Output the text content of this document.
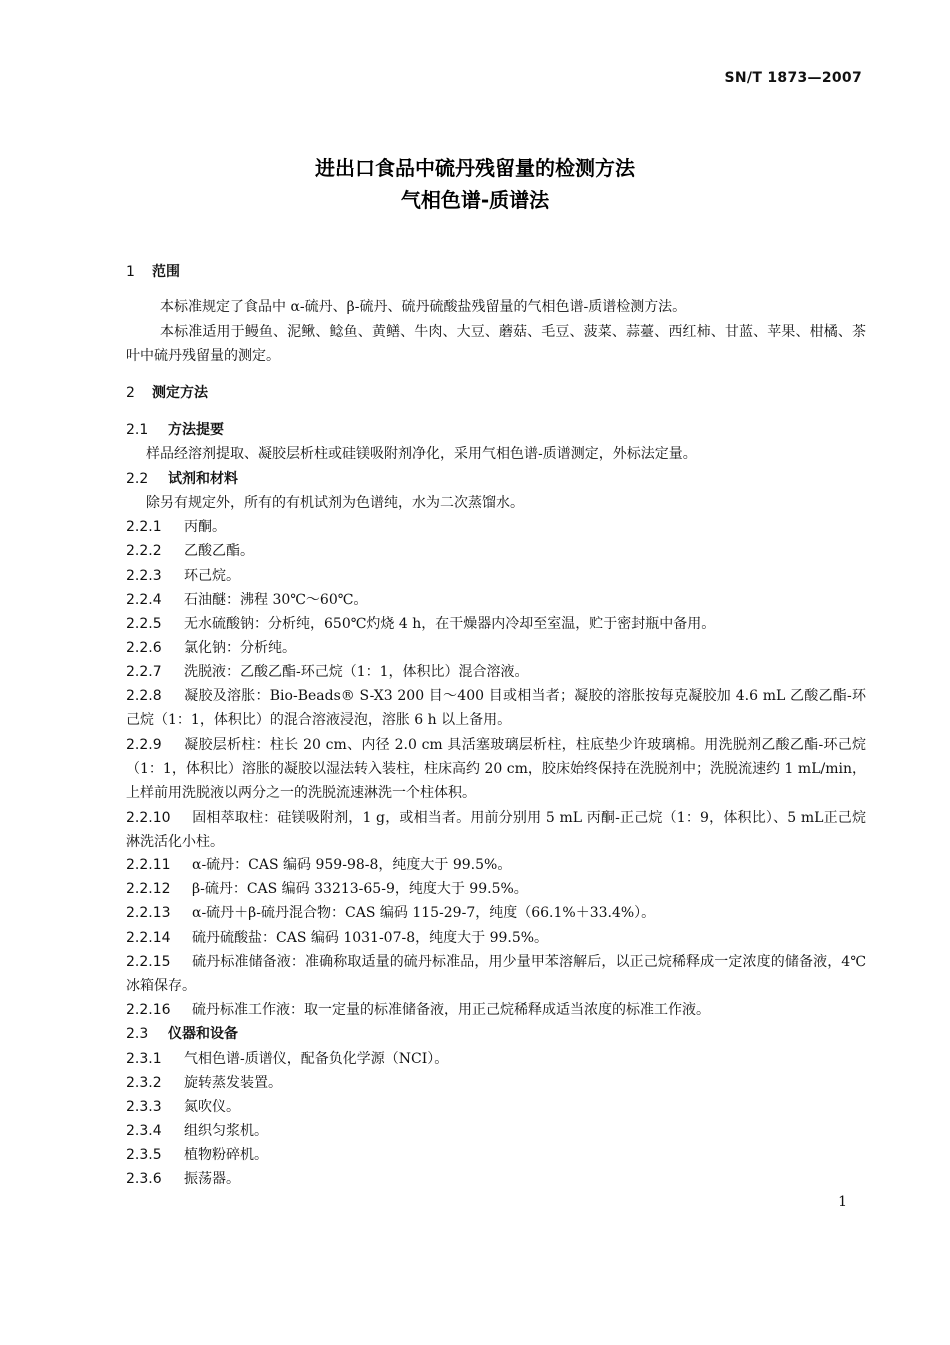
SN/T 1873—2007
进出口食品中硫丹残留量的检测方法
气相色谱-质谱法
1 范围
本标准规定了食品中 α-硫丹、β-硫丹、硫丹硫酸盐残留量的气相色谱-质谱检测方法。
本标准适用于鳗鱼、泥鳅、鲶鱼、黄鳝、牛肉、大豆、蘑菇、毛豆、菠菜、蒜薹、西红柿、甘蓝、苹果、柑橘、茶叶中硫丹残留量的测定。
2 测定方法
2.1 方法提要
样品经溶剂提取、凝胶层析柱或硅镁吸附剂净化，采用气相色谱-质谱测定，外标法定量。
2.2 试剂和材料
除另有规定外，所有的有机试剂为色谱纯，水为二次蒸馏水。
2.2.1 丙酮。
2.2.2 乙酸乙酯。
2.2.3 环己烷。
2.2.4 石油醚：沸程 30℃～60℃。
2.2.5 无水硫酸钠：分析纯，650℃灼烧 4 h，在干燥器内冷却至室温，贮于密封瓶中备用。
2.2.6 氯化钠：分析纯。
2.2.7 洗脱液：乙酸乙酯-环己烷（1：1，体积比）混合溶液。
2.2.8 凝胶及溶胀：Bio-Beads® S-X3 200 目～400 目或相当者；凝胶的溶胀按每克凝胶加 4.6 mL 乙酸乙酯-环己烷（1：1，体积比）的混合溶液浸泡，溶胀 6 h 以上备用。
2.2.9 凝胶层析柱：柱长 20 cm、内径 2.0 cm 具活塞玻璃层析柱，柱底垫少许玻璃棉。用洗脱剂乙酸乙酯-环己烷（1：1，体积比）溶胀的凝胶以湿法转入装柱，柱床高约 20 cm，胶床始终保持在洗脱剂中；洗脱流速约 1 mL/min，上样前用洗脱液以两分之一的洗脱流速淋洗一个柱体积。
2.2.10 固相萃取柱：硅镁吸附剂，1 g，或相当者。用前分别用 5 mL 丙酮-正己烷（1：9，体积比）、5 mL正己烷淋洗活化小柱。
2.2.11 α-硫丹：CAS 编码 959-98-8，纯度大于 99.5%。
2.2.12 β-硫丹：CAS 编码 33213-65-9，纯度大于 99.5%。
2.2.13 α-硫丹＋β-硫丹混合物：CAS 编码 115-29-7，纯度（66.1%＋33.4%）。
2.2.14 硫丹硫酸盐：CAS 编码 1031-07-8，纯度大于 99.5%。
2.2.15 硫丹标准储备液：准确称取适量的硫丹标准品，用少量甲苯溶解后，以正己烷稀释成一定浓度的储备液，4℃冰箱保存。
2.2.16 硫丹标准工作液：取一定量的标准储备液，用正己烷稀释成适当浓度的标准工作液。
2.3 仪器和设备
2.3.1 气相色谱-质谱仪，配备负化学源（NCI）。
2.3.2 旋转蒸发装置。
2.3.3 氮吹仪。
2.3.4 组织匀浆机。
2.3.5 植物粉碎机。
2.3.6 振荡器。
1
